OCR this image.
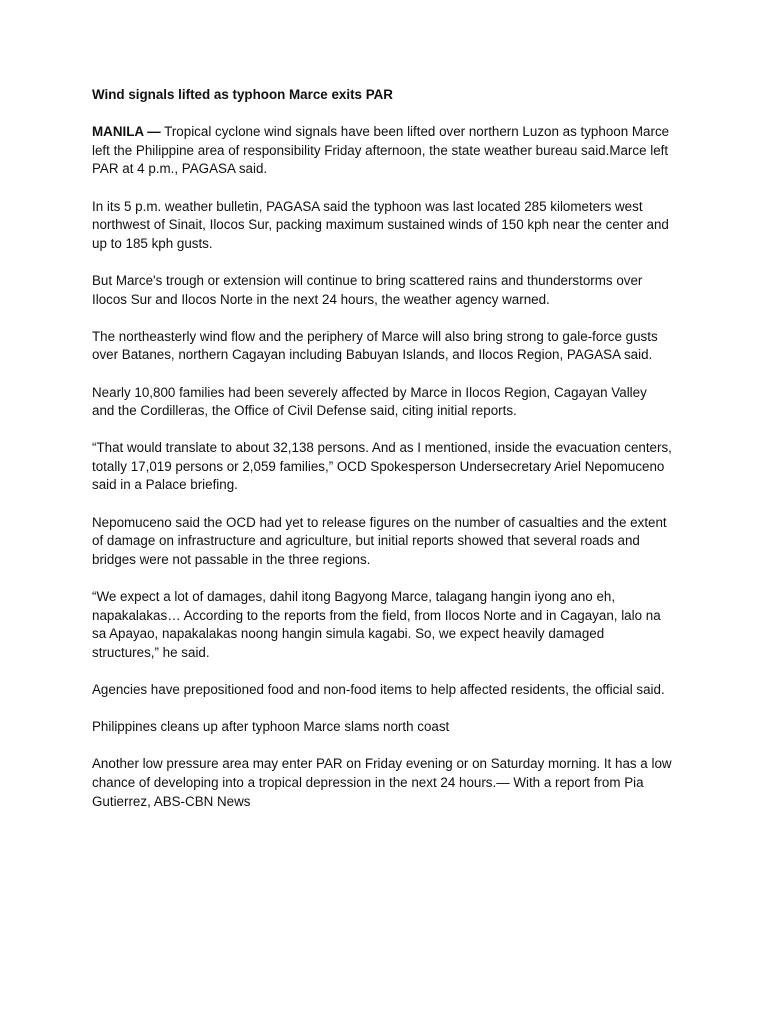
Wind signals lifted as typhoon Marce exits PAR

MANILA — Tropical cyclone wind signals have been lifted over northern Luzon as typhoon Marce left the Philippine area of responsibility Friday afternoon, the state weather bureau said.Marce left PAR at 4 p.m., PAGASA said.

In its 5 p.m. weather bulletin, PAGASA said the typhoon was last located 285 kilometers west northwest of Sinait, Ilocos Sur, packing maximum sustained winds of 150 kph near the center and up to 185 kph gusts.

But Marce's trough or extension will continue to bring scattered rains and thunderstorms over Ilocos Sur and Ilocos Norte in the next 24 hours, the weather agency warned.

The northeasterly wind flow and the periphery of Marce will also bring strong to gale-force gusts over Batanes, northern Cagayan including Babuyan Islands, and Ilocos Region, PAGASA said.

Nearly 10,800 families had been severely affected by Marce in Ilocos Region, Cagayan Valley and the Cordilleras, the Office of Civil Defense said, citing initial reports.

“That would translate to about 32,138 persons. And as I mentioned, inside the evacuation centers, totally 17,019 persons or 2,059 families,” OCD Spokesperson Undersecretary Ariel Nepomuceno said in a Palace briefing.

Nepomuceno said the OCD had yet to release figures on the number of casualties and the extent of damage on infrastructure and agriculture, but initial reports showed that several roads and bridges were not passable in the three regions.

“We expect a lot of damages, dahil itong Bagyong Marce, talagang hangin iyong ano eh, napakalakas… According to the reports from the field, from Ilocos Norte and in Cagayan, lalo na sa Apayao, napakalakas noong hangin simula kagabi. So, we expect heavily damaged structures,” he said.

Agencies have prepositioned food and non-food items to help affected residents, the official said.

Philippines cleans up after typhoon Marce slams north coast

Another low pressure area may enter PAR on Friday evening or on Saturday morning. It has a low chance of developing into a tropical depression in the next 24 hours.— With a report from Pia Gutierrez, ABS-CBN News
